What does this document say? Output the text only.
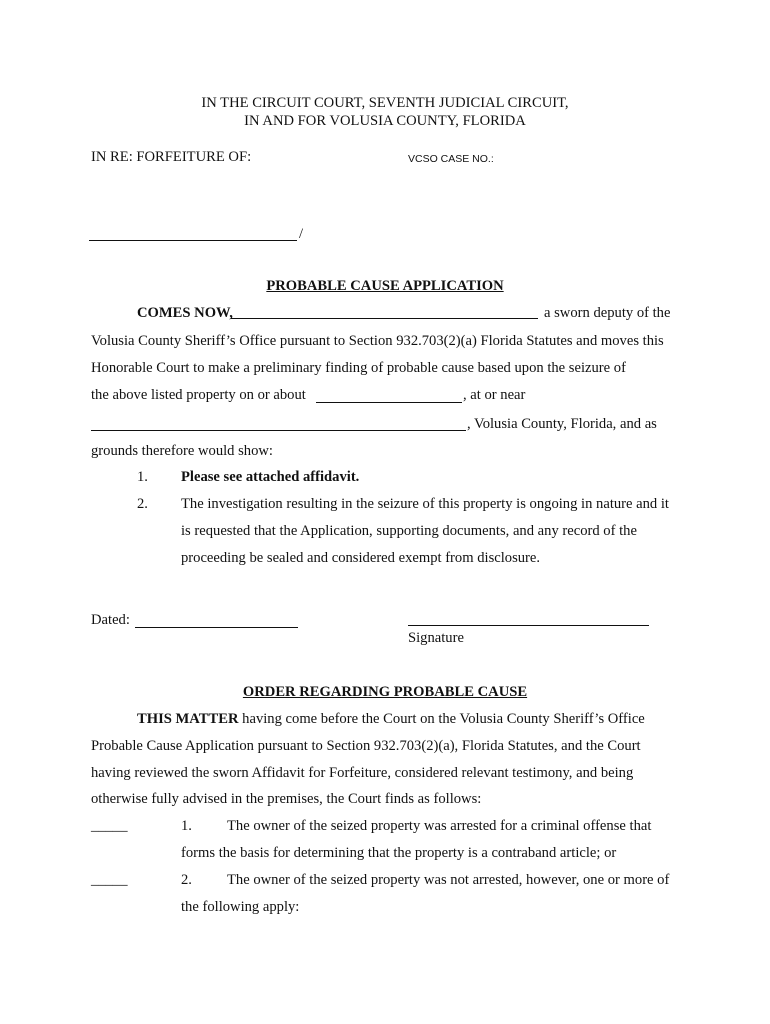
IN THE CIRCUIT COURT, SEVENTH JUDICIAL CIRCUIT,
IN AND FOR VOLUSIA COUNTY, FLORIDA
IN RE: FORFEITURE OF:	VCSO CASE NO.:
/
PROBABLE CAUSE APPLICATION
COMES NOW,	a sworn deputy of the
Volusia County Sheriff’s Office pursuant to Section 932.703(2)(a) Florida Statutes and moves this
Honorable Court to make a preliminary finding of probable cause based upon the seizure of
the above listed property on or about	, at or near
, Volusia County, Florida, and as
grounds therefore would show:
1. Please see attached affidavit.
2. The investigation resulting in the seizure of this property is ongoing in nature and it
is requested that the Application, supporting documents, and any record of the
proceeding be sealed and considered exempt from disclosure.
Dated:
Signature
ORDER REGARDING PROBABLE CAUSE
THIS MATTER having come before the Court on the Volusia County Sheriff’s Office
Probable Cause Application pursuant to Section 932.703(2)(a), Florida Statutes, and the Court
having reviewed the sworn Affidavit for Forfeiture, considered relevant testimony, and being
otherwise fully advised in the premises, the Court finds as follows:
_____	1. The owner of the seized property was arrested for a criminal offense that
forms the basis for determining that the property is a contraband article; or
_____	2. The owner of the seized property was not arrested, however, one or more of
the following apply:
